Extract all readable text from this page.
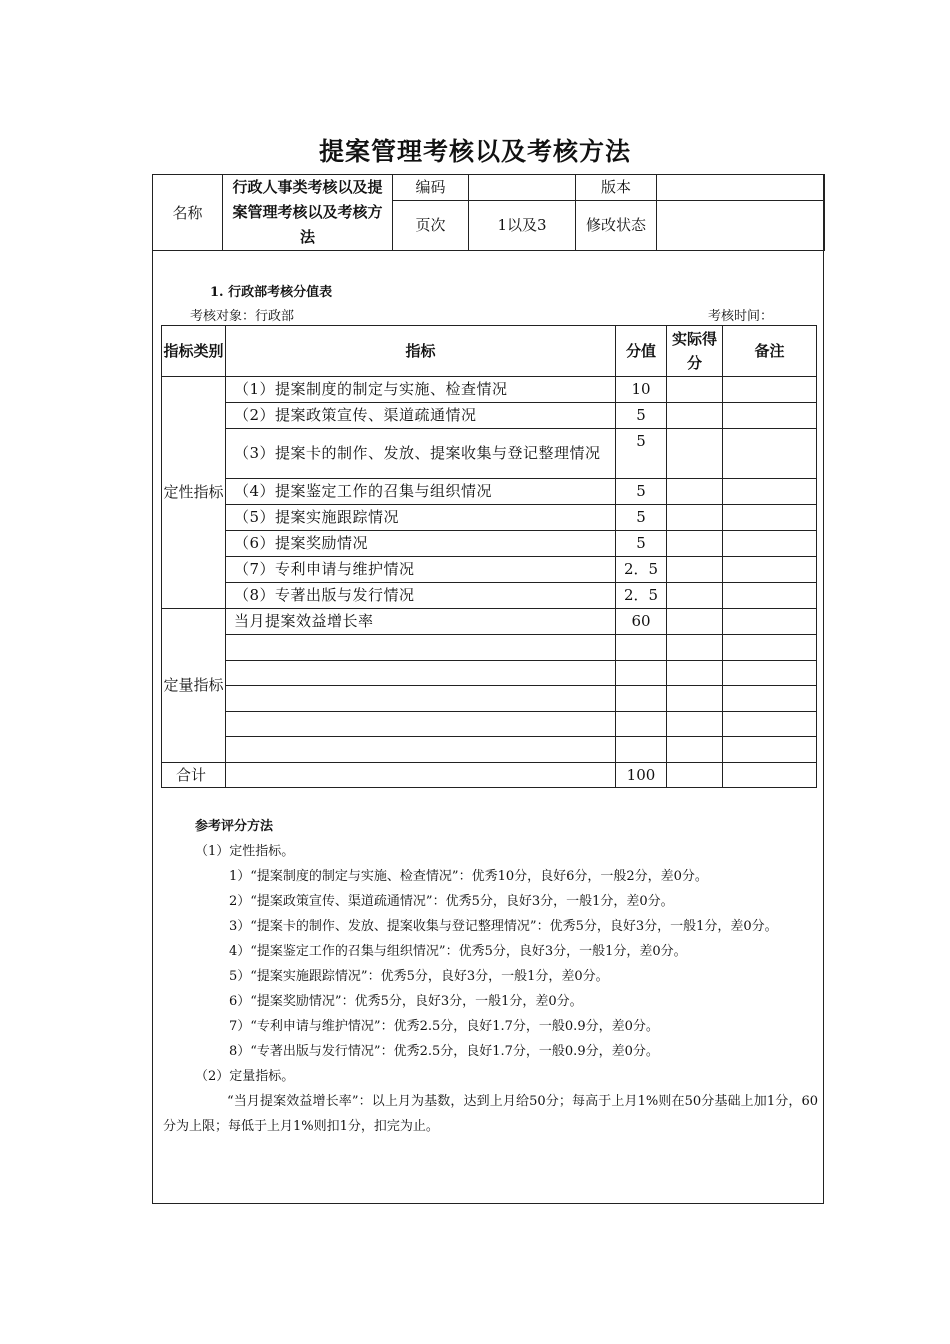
提案管理考核以及考核方法
名称	行政人事类考核以及提案管理考核以及考核方法	编码		版本	
		页次	1以及3	修改状态	
1. 行政部考核分值表
考核对象：行政部	考核时间：
指标类别	指标	分值	实际得分	备注
定性指标	（1）提案制度的制定与实施、检查情况	10		
	（2）提案政策宣传、渠道疏通情况	5		
	（3）提案卡的制作、发放、提案收集与登记整理情况	5		
	（4）提案鉴定工作的召集与组织情况	5		
	（5）提案实施跟踪情况	5		
	（6）提案奖励情况	5		
	（7）专利申请与维护情况	2．5		
	（8）专著出版与发行情况	2．5		
定量指标	当月提案效益增长率	60		

合计		100		

参考评分方法

（1）定性指标。

1）“提案制度的制定与实施、检查情况”：优秀10分，良好6分，一般2分，差0分。

2）“提案政策宣传、渠道疏通情况”：优秀5分，良好3分，一般1分，差0分。

3）“提案卡的制作、发放、提案收集与登记整理情况”：优秀5分，良好3分，一般1分，差0分。

4）“提案鉴定工作的召集与组织情况”：优秀5分，良好3分，一般1分，差0分。

5）“提案实施跟踪情况”：优秀5分，良好3分，一般1分，差0分。

6）“提案奖励情况”：优秀5分，良好3分，一般1分，差0分。

7）“专利申请与维护情况”：优秀2.5分，良好1.7分，一般0.9分，差0分。

8）“专著出版与发行情况”：优秀2.5分，良好1.7分，一般0.9分，差0分。

（2）定量指标。

“当月提案效益增长率”：以上月为基数，达到上月给50分；每高于上月1%则在50分基础上加1分，60分为上限；每低于上月1%则扣1分，扣完为止。
